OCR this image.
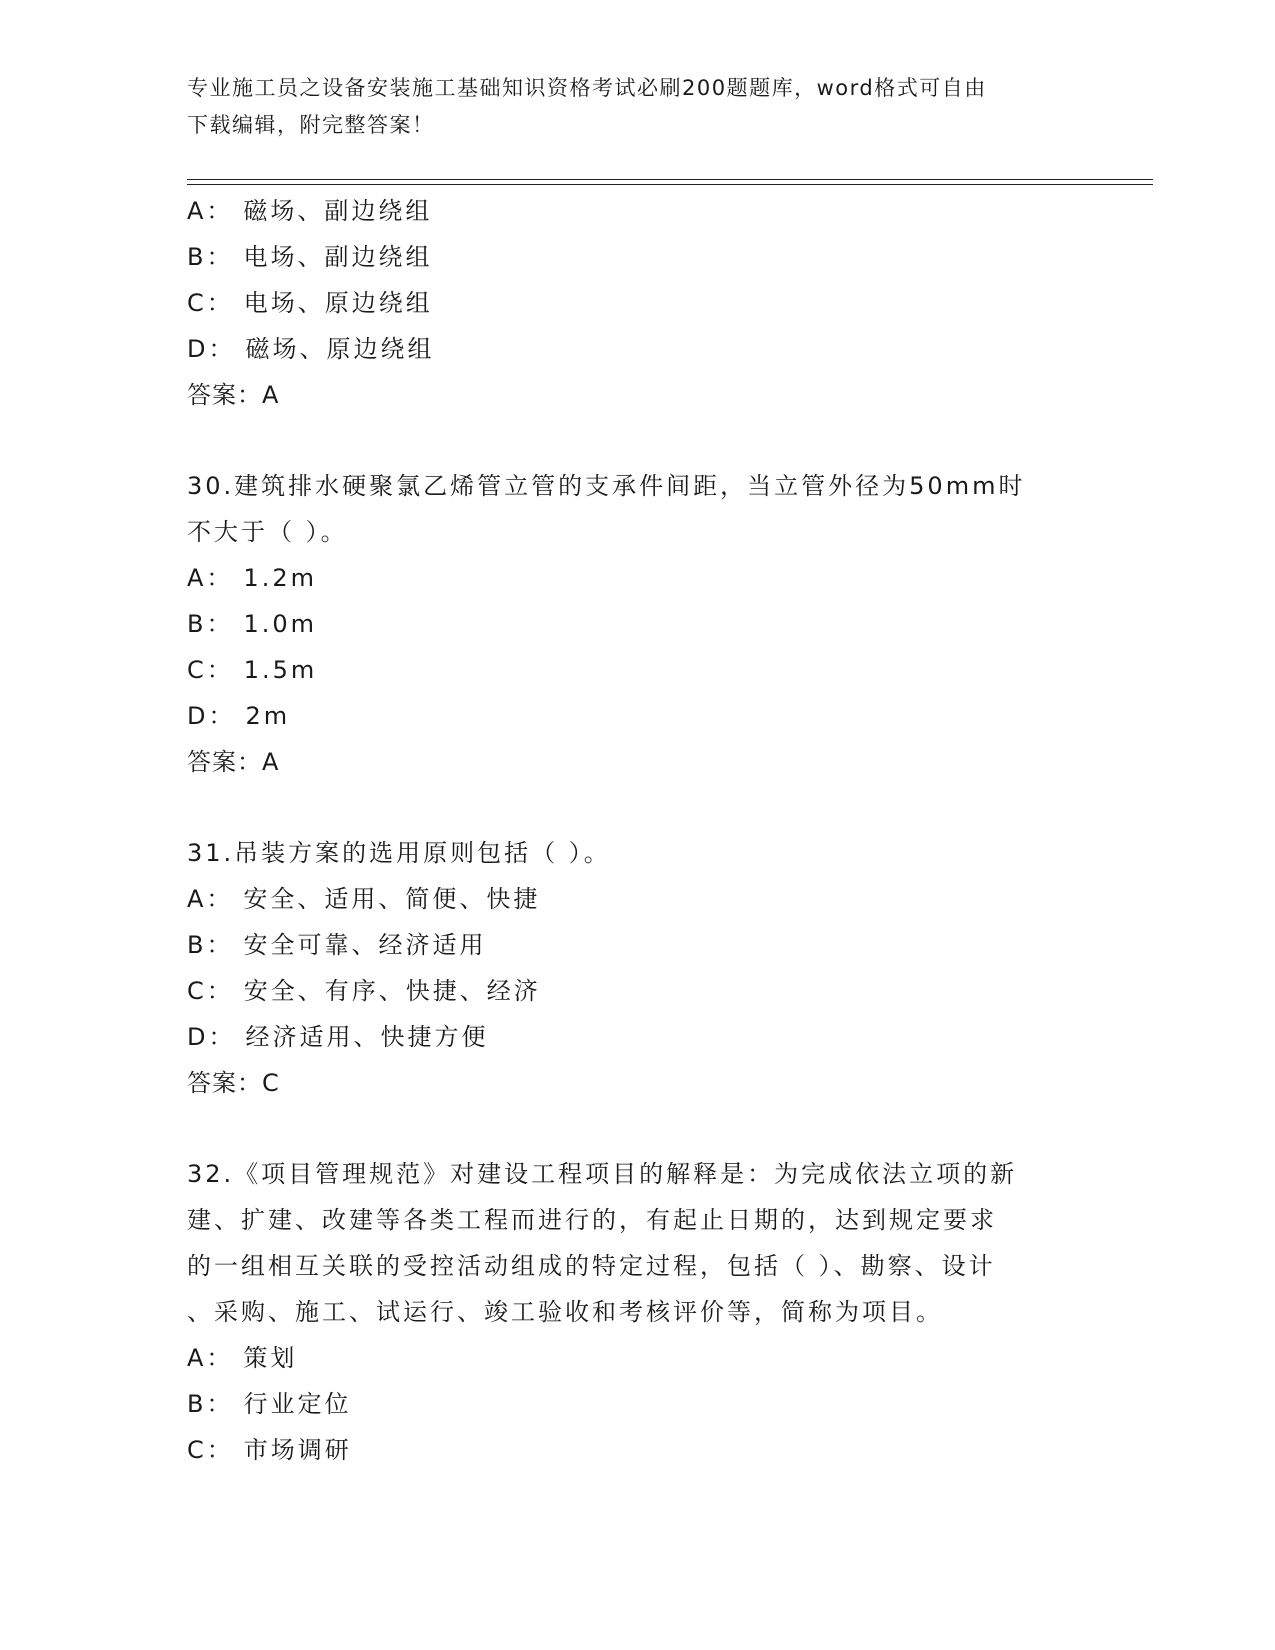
专业施工员之设备安装施工基础知识资格考试必刷200题题库，word格式可自由
下载编辑，附完整答案！
A： 磁场、副边绕组
B： 电场、副边绕组
C： 电场、原边绕组
D： 磁场、原边绕组
答案：A
30.建筑排水硬聚氯乙烯管立管的支承件间距，当立管外径为50mm时
不大于（ ）。
A： 1.2m
B： 1.0m
C： 1.5m
D： 2m
答案：A
31.吊装方案的选用原则包括（ ）。
A： 安全、适用、简便、快捷
B： 安全可靠、经济适用
C： 安全、有序、快捷、经济
D： 经济适用、快捷方便
答案：C
32.《项目管理规范》对建设工程项目的解释是：为完成依法立项的新
建、扩建、改建等各类工程而进行的，有起止日期的，达到规定要求
的一组相互关联的受控活动组成的特定过程，包括（ ）、勘察、设计
、采购、施工、试运行、竣工验收和考核评价等，简称为项目。
A： 策划
B： 行业定位
C： 市场调研
